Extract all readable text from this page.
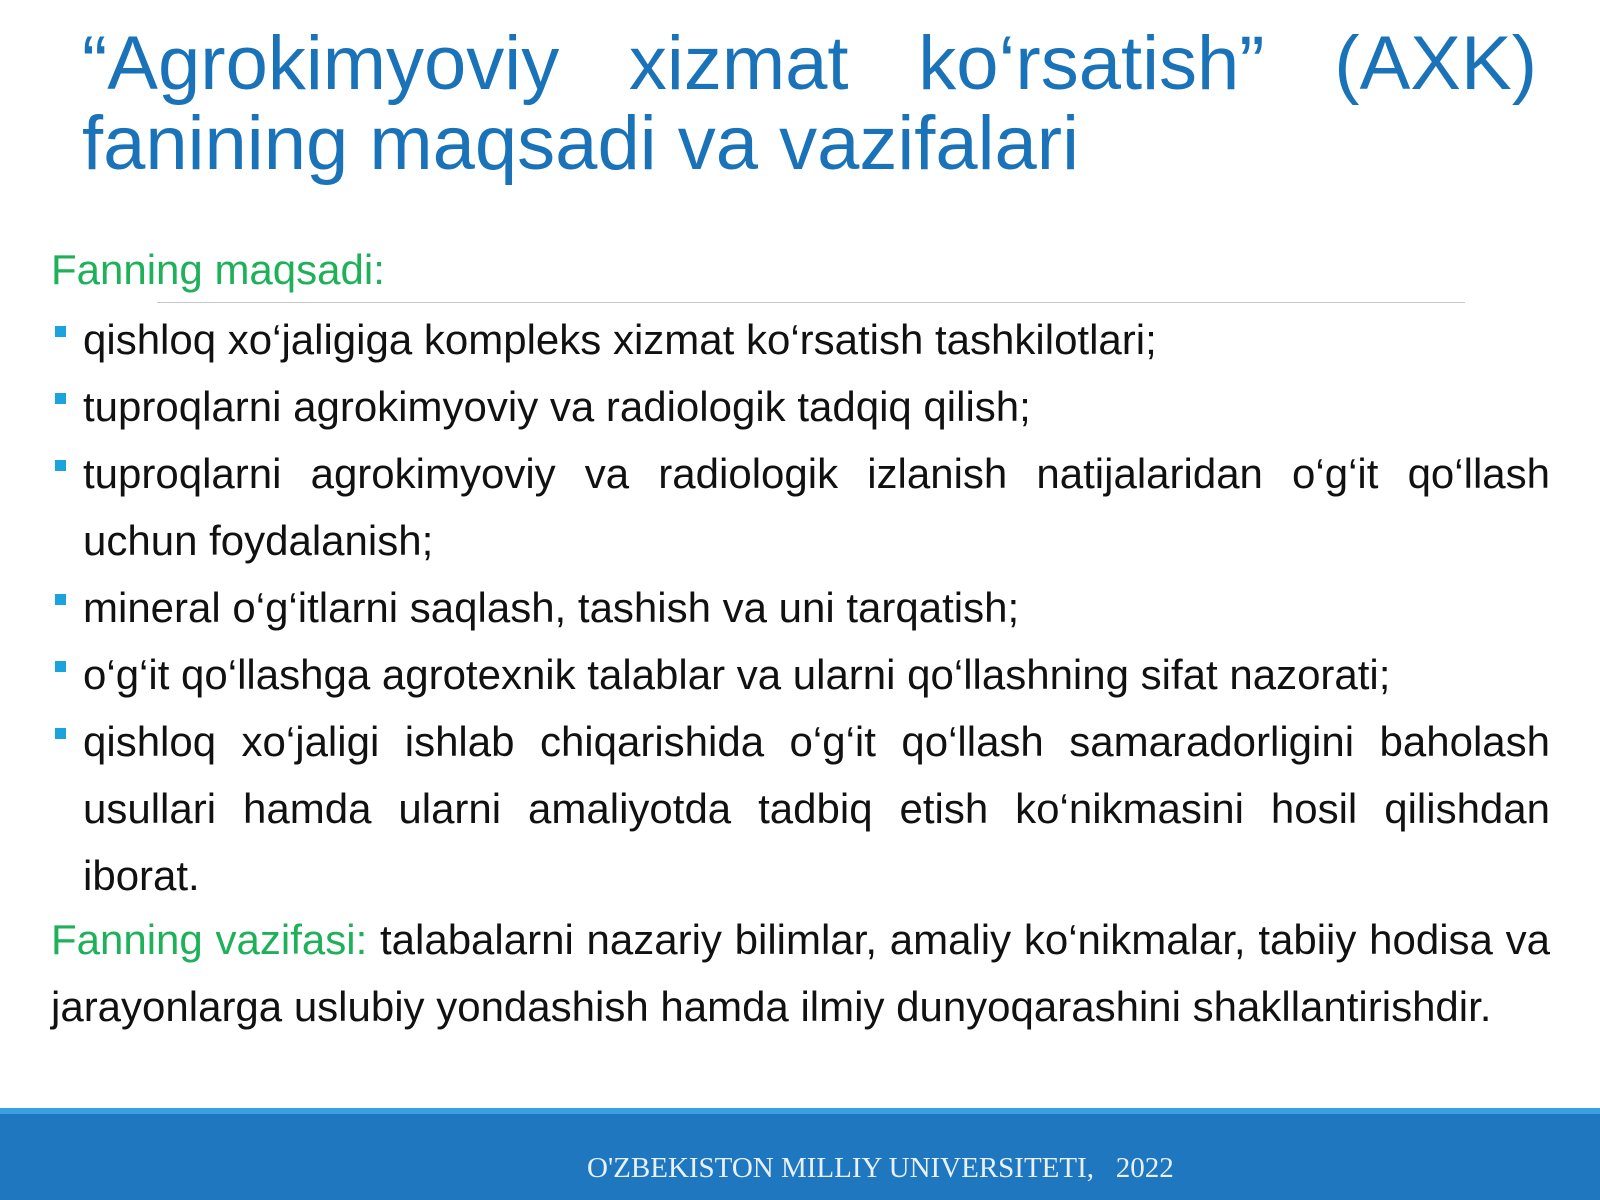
“Agrokimyoviy xizmat ko‘rsatish” (AXK)
fanining maqsadi va vazifalari
Fanning maqsadi:
qishloq xo‘jaligiga kompleks xizmat ko‘rsatish tashkilotlari;
tuproqlarni agrokimyoviy va radiologik tadqiq qilish;
tuproqlarni agrokimyoviy va radiologik izlanish natijalaridan o‘g‘it qo‘llash uchun foydalanish;
mineral o‘g‘itlarni saqlash, tashish va uni tarqatish;
o‘g‘it qo‘llashga agrotexnik talablar va ularni qo‘llashning sifat nazorati;
qishloq xo‘jaligi ishlab chiqarishida o‘g‘it qo‘llash samaradorligini baholash usullari hamda ularni amaliyotda tadbiq etish ko‘nikmasini hosil qilishdan iborat.

Fanning vazifasi: talabalarni nazariy bilimlar, amaliy ko‘nikmalar, tabiiy hodisa va jarayonlarga uslubiy yondashish hamda ilmiy dunyoqarashini shakllantirishdir.

O'ZBEKISTON MILLIY UNIVERSITETI,   2022
